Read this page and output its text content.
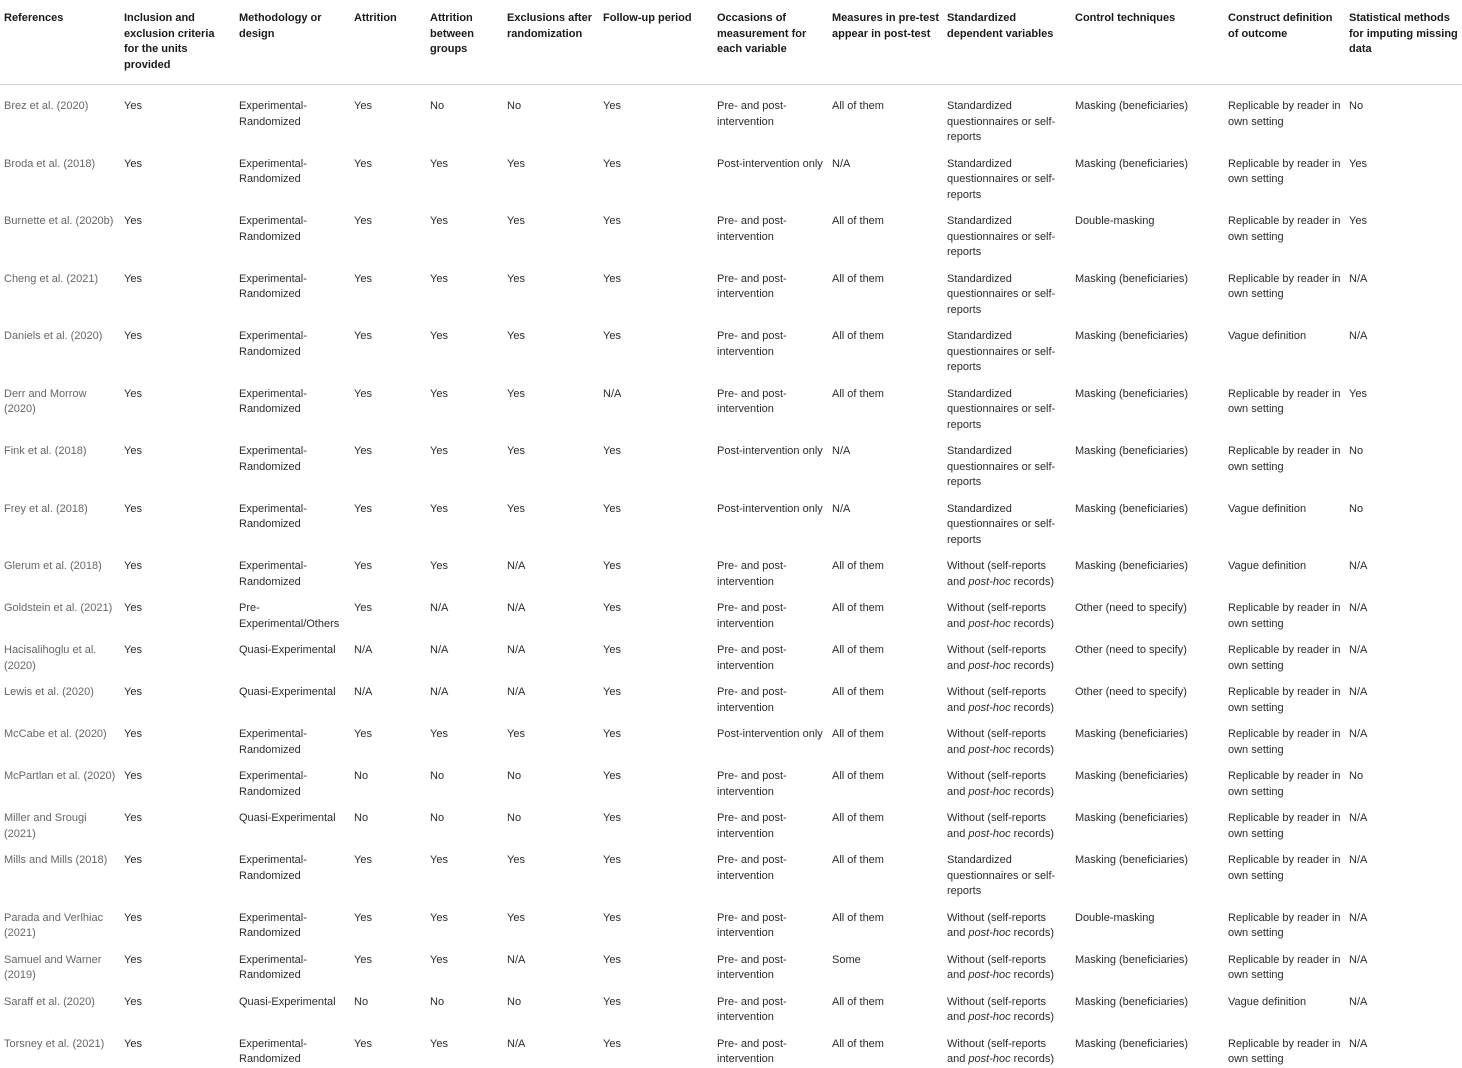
References	Inclusion and exclusion criteria for the units provided	Methodology or design	Attrition	Attrition between groups	Exclusions after randomization	Follow-up period	Occasions of measurement for each variable	Measures in pre-test appear in post-test	Standardized dependent variables	Control techniques	Construct definition of outcome	Statistical methods for imputing missing data
Brez et al. (2020)	Yes	Experimental-Randomized	Yes	No	No	Yes	Pre- and post-intervention	All of them	Standardized questionnaires or self-reports	Masking (beneficiaries)	Replicable by reader in own setting	No
Broda et al. (2018)	Yes	Experimental-Randomized	Yes	Yes	Yes	Yes	Post-intervention only	N/A	Standardized questionnaires or self-reports	Masking (beneficiaries)	Replicable by reader in own setting	Yes
Burnette et al. (2020b)	Yes	Experimental-Randomized	Yes	Yes	Yes	Yes	Pre- and post-intervention	All of them	Standardized questionnaires or self-reports	Double-masking	Replicable by reader in own setting	Yes
Cheng et al. (2021)	Yes	Experimental-Randomized	Yes	Yes	Yes	Yes	Pre- and post-intervention	All of them	Standardized questionnaires or self-reports	Masking (beneficiaries)	Replicable by reader in own setting	N/A
Daniels et al. (2020)	Yes	Experimental-Randomized	Yes	Yes	Yes	Yes	Pre- and post-intervention	All of them	Standardized questionnaires or self-reports	Masking (beneficiaries)	Vague definition	N/A
Derr and Morrow (2020)	Yes	Experimental-Randomized	Yes	Yes	Yes	N/A	Pre- and post-intervention	All of them	Standardized questionnaires or self-reports	Masking (beneficiaries)	Replicable by reader in own setting	Yes
Fink et al. (2018)	Yes	Experimental-Randomized	Yes	Yes	Yes	Yes	Post-intervention only	N/A	Standardized questionnaires or self-reports	Masking (beneficiaries)	Replicable by reader in own setting	No
Frey et al. (2018)	Yes	Experimental-Randomized	Yes	Yes	Yes	Yes	Post-intervention only	N/A	Standardized questionnaires or self-reports	Masking (beneficiaries)	Vague definition	No
Glerum et al. (2018)	Yes	Experimental-Randomized	Yes	Yes	N/A	Yes	Pre- and post-intervention	All of them	Without (self-reports and post-hoc records)	Masking (beneficiaries)	Vague definition	N/A
Goldstein et al. (2021)	Yes	Pre-Experimental/Others	Yes	N/A	N/A	Yes	Pre- and post-intervention	All of them	Without (self-reports and post-hoc records)	Other (need to specify)	Replicable by reader in own setting	N/A
Hacisalihoglu et al. (2020)	Yes	Quasi-Experimental	N/A	N/A	N/A	Yes	Pre- and post-intervention	All of them	Without (self-reports and post-hoc records)	Other (need to specify)	Replicable by reader in own setting	N/A
Lewis et al. (2020)	Yes	Quasi-Experimental	N/A	N/A	N/A	Yes	Pre- and post-intervention	All of them	Without (self-reports and post-hoc records)	Other (need to specify)	Replicable by reader in own setting	N/A
McCabe et al. (2020)	Yes	Experimental-Randomized	Yes	Yes	Yes	Yes	Post-intervention only	All of them	Without (self-reports and post-hoc records)	Masking (beneficiaries)	Replicable by reader in own setting	N/A
McPartlan et al. (2020)	Yes	Experimental-Randomized	No	No	No	Yes	Pre- and post-intervention	All of them	Without (self-reports and post-hoc records)	Masking (beneficiaries)	Replicable by reader in own setting	No
Miller and Srougi (2021)	Yes	Quasi-Experimental	No	No	No	Yes	Pre- and post-intervention	All of them	Without (self-reports and post-hoc records)	Masking (beneficiaries)	Replicable by reader in own setting	N/A
Mills and Mills (2018)	Yes	Experimental-Randomized	Yes	Yes	Yes	Yes	Pre- and post-intervention	All of them	Standardized questionnaires or self-reports	Masking (beneficiaries)	Replicable by reader in own setting	N/A
Parada and Verlhiac (2021)	Yes	Experimental-Randomized	Yes	Yes	Yes	Yes	Pre- and post-intervention	All of them	Without (self-reports and post-hoc records)	Double-masking	Replicable by reader in own setting	N/A
Samuel and Warner (2019)	Yes	Experimental-Randomized	Yes	Yes	N/A	Yes	Pre- and post-intervention	Some	Without (self-reports and post-hoc records)	Masking (beneficiaries)	Replicable by reader in own setting	N/A
Saraff et al. (2020)	Yes	Quasi-Experimental	No	No	No	Yes	Pre- and post-intervention	All of them	Without (self-reports and post-hoc records)	Masking (beneficiaries)	Vague definition	N/A
Torsney et al. (2021)	Yes	Experimental-Randomized	Yes	Yes	N/A	Yes	Pre- and post-intervention	All of them	Without (self-reports and post-hoc records)	Masking (beneficiaries)	Replicable by reader in own setting	N/A
